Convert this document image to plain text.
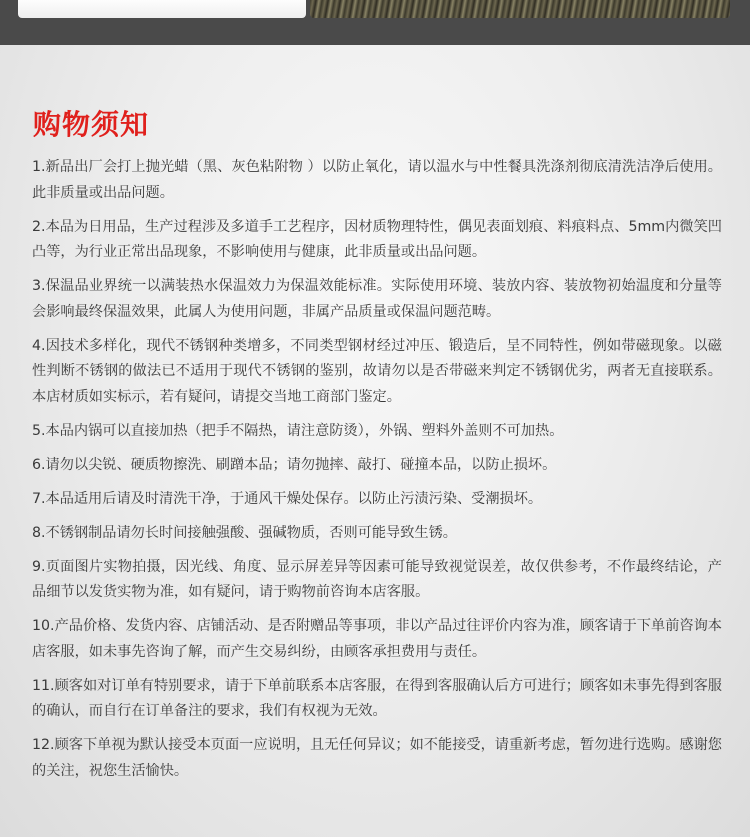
购物须知
1.新品出厂会打上抛光蜡（黑、灰色粘附物 ）以防止氧化，请以温水与中性餐具洗涤剂彻底清洗洁净后使用。此非质量或出品问题。
2.本品为日用品，生产过程涉及多道手工艺程序，因材质物理特性，偶见表面划痕、料痕料点、5mm内微笑凹凸等，为行业正常出品现象，不影响使用与健康，此非质量或出品问题。
3.保温品业界统一以满装热水保温效力为保温效能标准。实际使用环境、装放内容、装放物初始温度和分量等会影响最终保温效果，此属人为使用问题，非属产品质量或保温问题范畴。
4.因技术多样化，现代不锈钢种类增多，不同类型钢材经过冲压、锻造后，呈不同特性，例如带磁现象。以磁性判断不锈钢的做法已不适用于现代不锈钢的鉴别，故请勿以是否带磁来判定不锈钢优劣，两者无直接联系。本店材质如实标示，若有疑问，请提交当地工商部门鉴定。
5.本品内锅可以直接加热（把手不隔热，请注意防烫），外锅、塑料外盖则不可加热。
6.请勿以尖锐、硬质物擦洗、刷蹭本品；请勿抛摔、敲打、碰撞本品，以防止损坏。
7.本品适用后请及时清洗干净，于通风干燥处保存。以防止污渍污染、受潮损坏。
8.不锈钢制品请勿长时间接触强酸、强碱物质，否则可能导致生锈。
9.页面图片实物拍摄，因光线、角度、显示屏差异等因素可能导致视觉误差，故仅供参考，不作最终结论，产品细节以发货实物为准，如有疑问，请于购物前咨询本店客服。
10.产品价格、发货内容、店铺活动、是否附赠品等事项，非以产品过往评价内容为准，顾客请于下单前咨询本店客服，如未事先咨询了解，而产生交易纠纷，由顾客承担费用与责任。
11.顾客如对订单有特别要求，请于下单前联系本店客服，在得到客服确认后方可进行；顾客如未事先得到客服的确认，而自行在订单备注的要求，我们有权视为无效。
12.顾客下单视为默认接受本页面一应说明，且无任何异议；如不能接受，请重新考虑，暂勿进行选购。感谢您的关注，祝您生活愉快。
